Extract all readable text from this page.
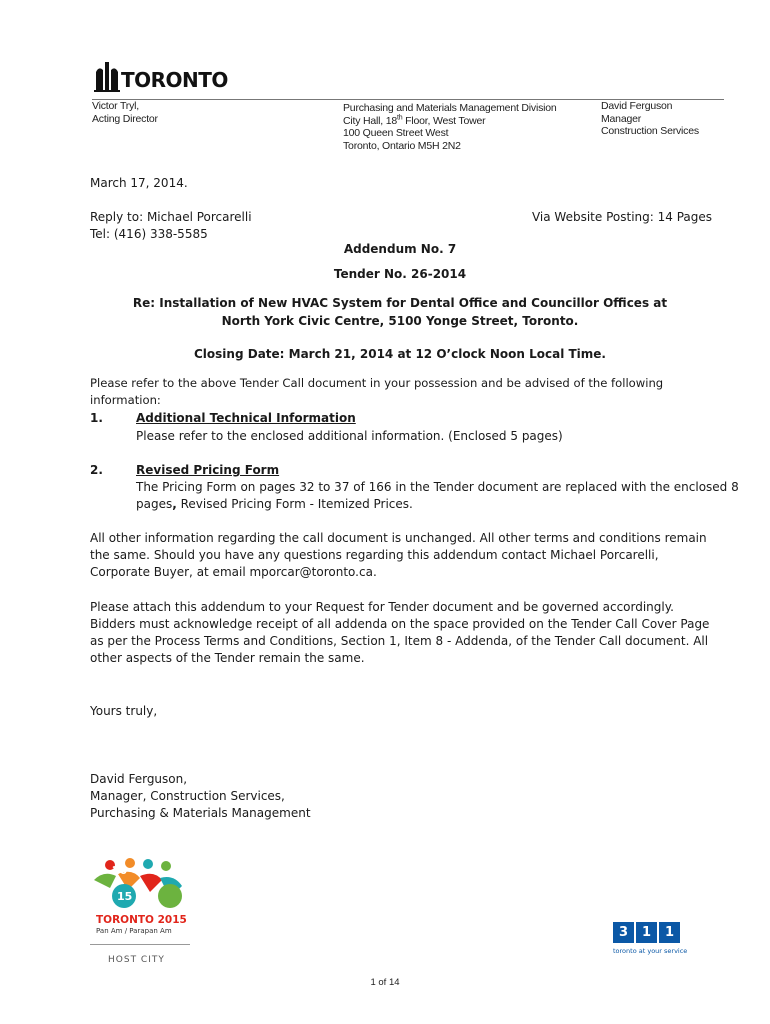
TORONTO
Victor Tryl,
Acting Director
Purchasing and Materials Management Division
City Hall, 18th Floor, West Tower
100 Queen Street West
Toronto, Ontario M5H 2N2
David Ferguson
Manager
Construction Services
March 17, 2014.
Reply to: Michael Porcarelli
Tel: (416) 338-5585
Via Website Posting: 14 Pages
Addendum No. 7
Tender No. 26-2014
Re: Installation of New HVAC System for Dental Office and Councillor Offices at
North York Civic Centre, 5100 Yonge Street, Toronto.
Closing Date: March 21, 2014 at 12 O’clock Noon Local Time.
Please refer to the above Tender Call document in your possession and be advised of the following information:
1.	Additional Technical Information
Please refer to the enclosed additional information. (Enclosed 5 pages)
2.	Revised Pricing Form
The Pricing Form on pages 32 to 37 of 166 in the Tender document are replaced with the enclosed 8
pages, Revised Pricing Form - Itemized Prices.
All other information regarding the call document is unchanged. All other terms and conditions remain the same. Should you have any questions regarding this addendum contact Michael Porcarelli, Corporate Buyer, at email mporcar@toronto.ca.
Please attach this addendum to your Request for Tender document and be governed accordingly. Bidders must acknowledge receipt of all addenda on the space provided on the Tender Call Cover Page as per the Process Terms and Conditions, Section 1, Item 8 - Addenda, of the Tender Call document. All other aspects of the Tender remain the same.
Yours truly,
David Ferguson,
Manager, Construction Services,
Purchasing & Materials Management
20
15
TORONTO 2015
Pan Am / Parapan Am
HOST CITY
3 1 1
toronto at your service
1 of 14
